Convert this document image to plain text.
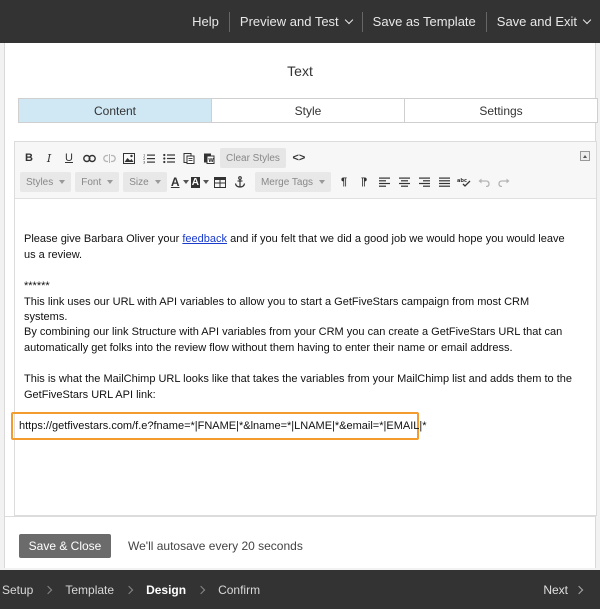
Help	Preview and Test	Save as Template	Save and Exit
Text
Content	Style	Settings
B	I	U	1
2
3	W	Clear Styles	<>
Styles	Font	Size A A	Merge Tags	¶	¶	abc

Please give Barbara Oliver your feedback and if you felt that we did a good job we would hope you would leave us a review.

******
This link uses our URL with API variables to allow you to start a GetFiveStars campaign from most CRM systems.

By combining our link Structure with API variables from your CRM you can create a GetFiveStars URL that can automatically get folks into the review flow without them having to enter their name or email address.

This is what the MailChimp URL looks like that takes the variables from your MailChimp list and adds them to the GetFiveStars URL API link:

https://getfivestars.com/f.e?fname=*|FNAME|*&lname=*|LNAME|*&email=*|EMAIL|*
Save & Close	We'll autosave every 20 seconds
Setup	Template	Design	Confirm	Next
